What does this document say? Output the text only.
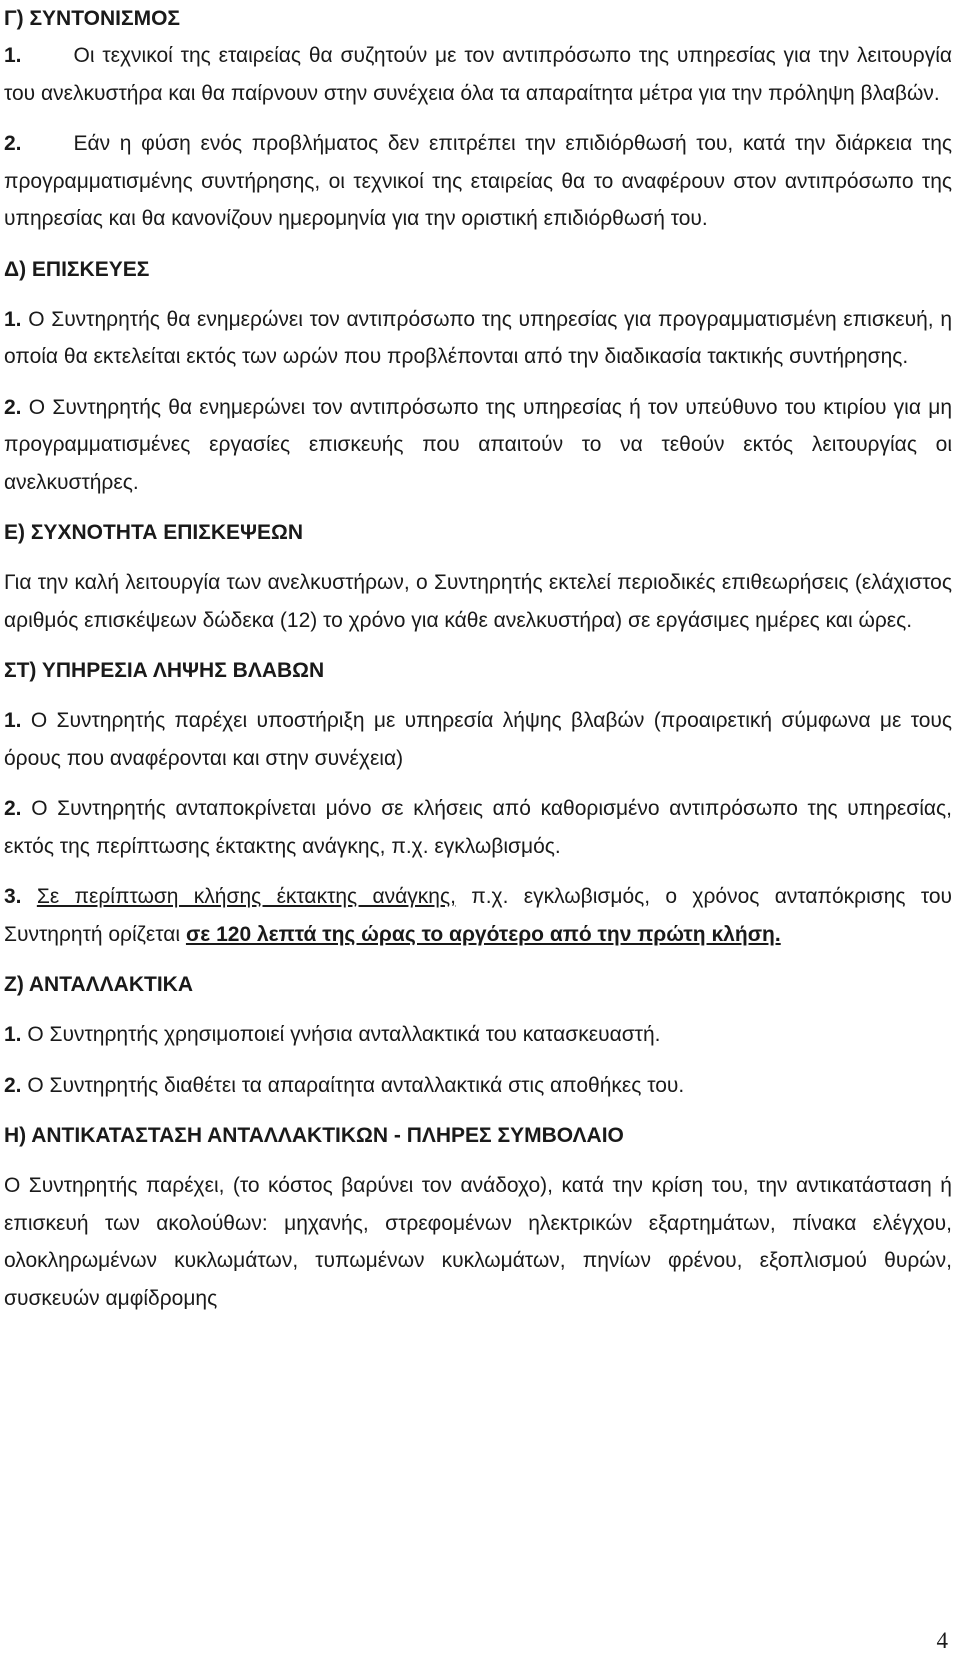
Γ) ΣΥΝΤΟΝΙΣΜΟΣ

1. Οι τεχνικοί της εταιρείας θα συζητούν με τον αντιπρόσωπο της υπηρεσίας για την λειτουργία του ανελκυστήρα και θα παίρνουν στην συνέχεια όλα τα απαραίτητα μέτρα για την πρόληψη βλαβών.

2. Εάν η φύση ενός προβλήματος δεν επιτρέπει την επιδιόρθωσή του, κατά την διάρκεια της προγραμματισμένης συντήρησης, οι τεχνικοί της εταιρείας θα το αναφέρουν στον αντιπρόσωπο της υπηρεσίας και θα κανονίζουν ημερομηνία για την οριστική επιδιόρθωσή του.

Δ) ΕΠΙΣΚΕΥΕΣ

1. Ο Συντηρητής θα ενημερώνει τον αντιπρόσωπο της υπηρεσίας για προγραμματισμένη επισκευή, η οποία θα εκτελείται εκτός των ωρών που προβλέπονται από την διαδικασία τακτικής συντήρησης.

2. Ο Συντηρητής θα ενημερώνει τον αντιπρόσωπο της υπηρεσίας ή τον υπεύθυνο του κτιρίου για μη προγραμματισμένες εργασίες επισκευής που απαιτούν το να τεθούν εκτός λειτουργίας οι ανελκυστήρες.

Ε) ΣΥΧΝΟΤΗΤΑ ΕΠΙΣΚΕΨΕΩΝ

Για την καλή λειτουργία των ανελκυστήρων, ο Συντηρητής εκτελεί περιοδικές επιθεωρήσεις (ελάχιστος αριθμός επισκέψεων δώδεκα (12) το χρόνο για κάθε ανελκυστήρα) σε εργάσιμες ημέρες και ώρες.

ΣΤ) ΥΠΗΡΕΣΙΑ ΛΗΨΗΣ ΒΛΑΒΩΝ

1. Ο Συντηρητής παρέχει υποστήριξη με υπηρεσία λήψης βλαβών (προαιρετική σύμφωνα με τους όρους που αναφέρονται και στην συνέχεια)

2. Ο Συντηρητής ανταποκρίνεται μόνο σε κλήσεις από καθορισμένο αντιπρόσωπο της υπηρεσίας, εκτός της περίπτωσης έκτακτης ανάγκης, π.χ. εγκλωβισμός.

3. Σε περίπτωση κλήσης έκτακτης ανάγκης, π.χ. εγκλωβισμός, ο χρόνος ανταπόκρισης του Συντηρητή ορίζεται σε 120 λεπτά της ώρας το αργότερο από την πρώτη κλήση.

Ζ) ΑΝΤΑΛΛΑΚΤΙΚΑ

1. Ο Συντηρητής χρησιμοποιεί γνήσια ανταλλακτικά του κατασκευαστή.

2. Ο Συντηρητής διαθέτει τα απαραίτητα ανταλλακτικά στις αποθήκες του.

Η) ΑΝΤΙΚΑΤΑΣΤΑΣΗ ΑΝΤΑΛΛΑΚΤΙΚΩΝ - ΠΛΗΡΕΣ ΣΥΜΒΟΛΑΙΟ

Ο Συντηρητής παρέχει, (το κόστος βαρύνει τον ανάδοχο), κατά την κρίση του, την αντικατάσταση ή επισκευή των ακολούθων: μηχανής, στρεφομένων ηλεκτρικών εξαρτημάτων, πίνακα ελέγχου, ολοκληρωμένων κυκλωμάτων, τυπωμένων κυκλωμάτων, πηνίων φρένου, εξοπλισμού θυρών, συσκευών αμφίδρομης

4
